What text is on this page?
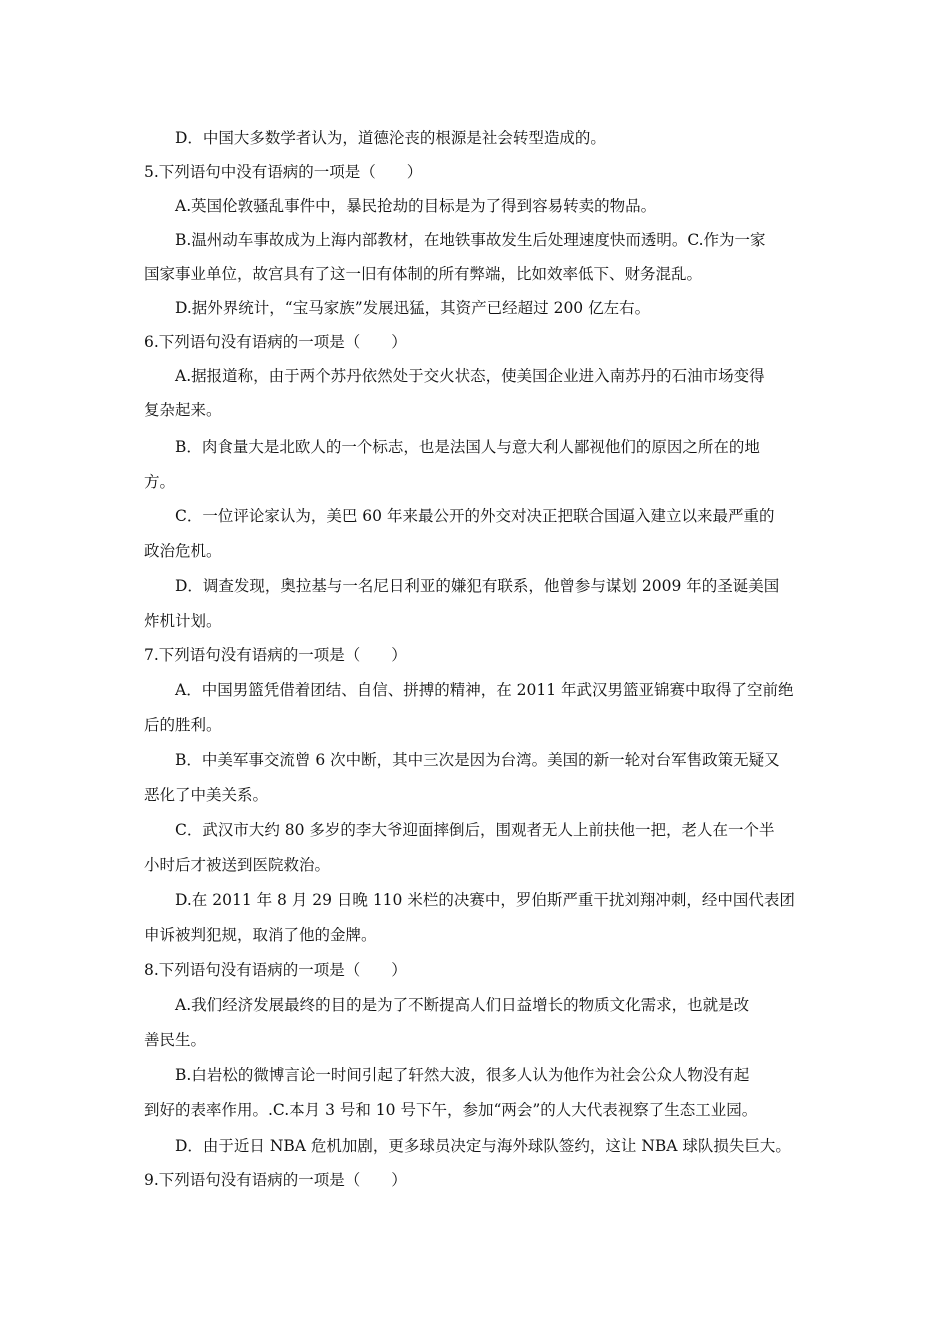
D．中国大多数学者认为，道德沦丧的根源是社会转型造成的。
5.下列语句中没有语病的一项是（　　）
A.英国伦敦骚乱事件中，暴民抢劫的目标是为了得到容易转卖的物品。
B.温州动车事故成为上海内部教材，在地铁事故发生后处理速度快而透明。C.作为一家
国家事业单位，故宫具有了这一旧有体制的所有弊端，比如效率低下、财务混乱。
D.据外界统计，“宝马家族”发展迅猛，其资产已经超过 200 亿左右。
6.下列语句没有语病的一项是（　　）
A.据报道称，由于两个苏丹依然处于交火状态，使美国企业进入南苏丹的石油市场变得
复杂起来。
B．肉食量大是北欧人的一个标志，也是法国人与意大利人鄙视他们的原因之所在的地
方。
C．一位评论家认为，美巴 60 年来最公开的外交对决正把联合国逼入建立以来最严重的
政治危机。
D．调查发现，奥拉基与一名尼日利亚的嫌犯有联系，他曾参与谋划 2009 年的圣诞美国
炸机计划。
7.下列语句没有语病的一项是（　　）
A．中国男篮凭借着团结、自信、拼搏的精神，在 2011 年武汉男篮亚锦赛中取得了空前绝
后的胜利。
B．中美军事交流曾 6 次中断，其中三次是因为台湾。美国的新一轮对台军售政策无疑又
恶化了中美关系。
C．武汉市大约 80 多岁的李大爷迎面摔倒后，围观者无人上前扶他一把，老人在一个半
小时后才被送到医院救治。
D.在 2011 年 8 月 29 日晚 110 米栏的决赛中，罗伯斯严重干扰刘翔冲刺，经中国代表团
申诉被判犯规，取消了他的金牌。
8.下列语句没有语病的一项是（　　）
A.我们经济发展最终的目的是为了不断提高人们日益增长的物质文化需求，也就是改
善民生。
B.白岩松的微博言论一时间引起了轩然大波，很多人认为他作为社会公众人物没有起
到好的表率作用。.C.本月 3 号和 10 号下午，参加“两会”的人大代表视察了生态工业园。
D．由于近日 NBA 危机加剧，更多球员决定与海外球队签约，这让 NBA 球队损失巨大。
9.下列语句没有语病的一项是（　　）
